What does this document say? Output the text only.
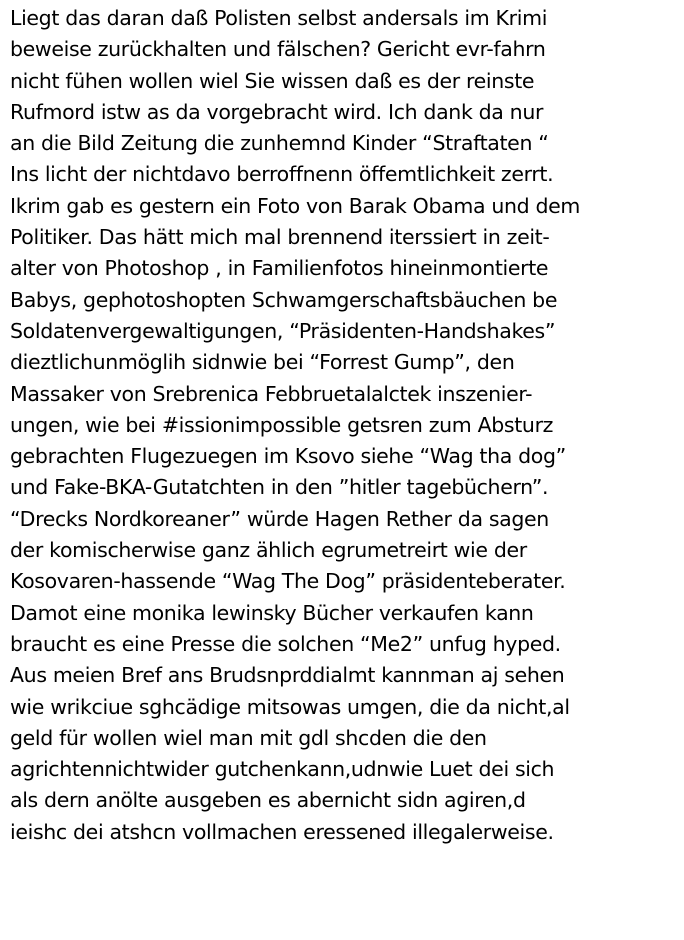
Liegt das daran daß Polisten selbst andersals im Krimi
beweise zurückhalten und fälschen? Gericht evr-fahrn
nicht fühen wollen wiel Sie wissen daß es der reinste
Rufmord istw as da vorgebracht wird. Ich dank da nur
an die Bild Zeitung die zunhemnd Kinder “Straftaten “
Ins licht der nichtdavo berroffnenn öffemtlichkeit zerrt.
Ikrim gab es gestern ein Foto von Barak Obama und dem
Politiker. Das hätt mich mal brennend iterssiert in zeit-
alter von Photoshop , in Familienfotos hineinmontierte
Babys, gephotoshopten Schwamgerschaftsbäuchen be
Soldatenvergewaltigungen, “Präsidenten-Handshakes”
dieztlichunmöglih sidnwie bei “Forrest Gump”, den
Massaker von Srebrenica Febbruetalalctek inszenier-
ungen, wie bei #issionimpossible getsren zum Absturz
gebrachten Flugezuegen im Ksovo siehe “Wag tha dog”
und Fake-BKA-Gutatchten in den ”hitler tagebüchern”.
“Drecks Nordkoreaner” würde Hagen Rether da sagen
der komischerwise ganz ählich egrumetreirt wie der
Kosovaren-hassende “Wag The Dog” präsidenteberater.
Damot eine monika lewinsky Bücher verkaufen kann
braucht es eine Presse die solchen “Me2” unfug hyped.
Aus meien Bref ans Brudsnprddialmt kannman aj sehen
wie wrikciue sghcädige mitsowas umgen, die da nicht,al
geld für wollen wiel man mit gdl shcden die den
agrichtennichtwider gutchenkann,udnwie Luet dei sich
als dern anölte ausgeben es abernicht sidn agiren,d
ieishc dei atshcn vollmachen eressened illegalerweise.
